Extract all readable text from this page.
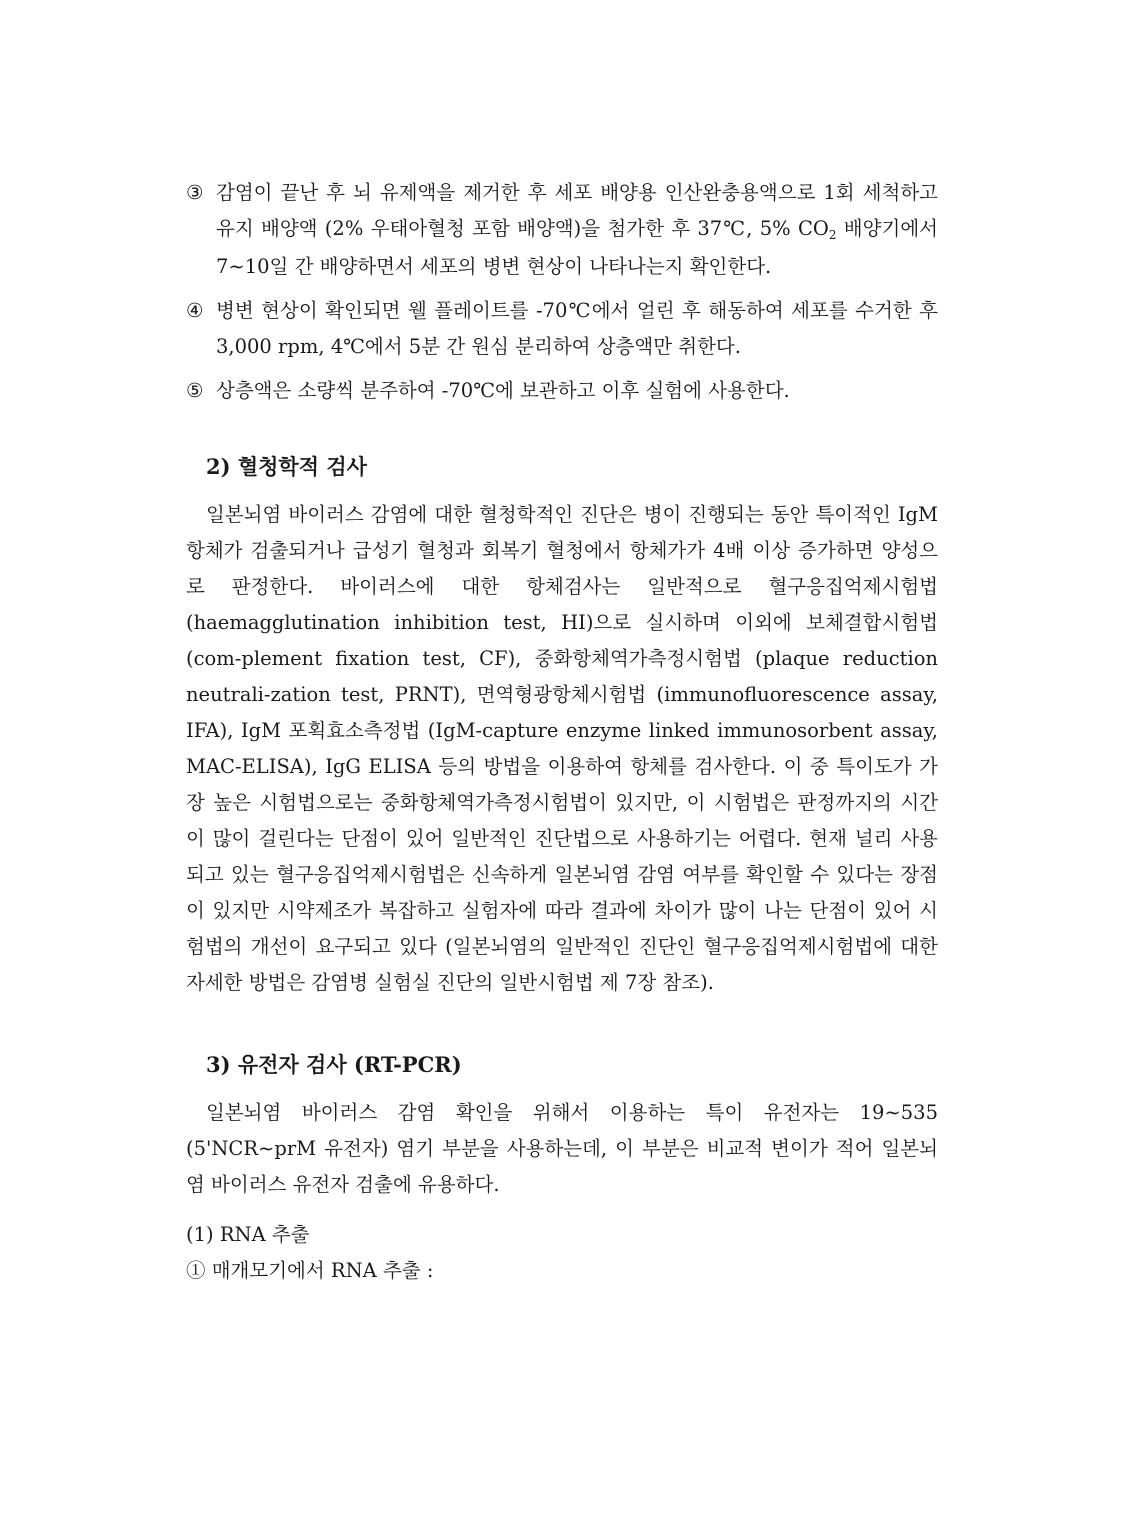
③ 감염이 끝난 후 뇌 유제액을 제거한 후 세포 배양용 인산완충용액으로 1회 세척하고 유지 배양액 (2% 우태아혈청 포함 배양액)을 첨가한 후 37℃, 5% $CO_2$ 배양기에서 7∼10일 간 배양하면서 세포의 병변 현상이 나타나는지 확인한다.
④ 병변 현상이 확인되면 웰 플레이트를 -70℃에서 얼린 후 해동하여 세포를 수거한 후 3,000 rpm, 4℃에서 5분 간 원심 분리하여 상층액만 취한다.
⑤ 상층액은 소량씩 분주하여 -70℃에 보관하고 이후 실험에 사용한다.
2) 혈청학적 검사

일본뇌염 바이러스 감염에 대한 혈청학적인 진단은 병이 진행되는 동안 특이적인 IgM 항체가 검출되거나 급성기 혈청과 회복기 혈청에서 항체가가 4배 이상 증가하면 양성으로 판정한다. 바이러스에 대한 항체검사는 일반적으로 혈구응집억제시험법 (haemagglutination inhibition test, HI)으로 실시하며 이외에 보체결합시험법 (com-plement fixation test, CF), 중화항체역가측정시험법 (plaque reduction neutrali-zation test, PRNT), 면역형광항체시험법 (immunofluorescence assay, IFA), IgM 포획효소측정법 (IgM-capture enzyme linked immunosorbent assay, MAC-ELISA), IgG ELISA 등의 방법을 이용하여 항체를 검사한다. 이 중 특이도가 가장 높은 시험법으로는 중화항체역가측정시험법이 있지만, 이 시험법은 판정까지의 시간이 많이 걸린다는 단점이 있어 일반적인 진단법으로 사용하기는 어렵다. 현재 널리 사용되고 있는 혈구응집억제시험법은 신속하게 일본뇌염 감염 여부를 확인할 수 있다는 장점이 있지만 시약제조가 복잡하고 실험자에 따라 결과에 차이가 많이 나는 단점이 있어 시험법의 개선이 요구되고 있다 (일본뇌염의 일반적인 진단인 혈구응집억제시험법에 대한 자세한 방법은 감염병 실험실 진단의 일반시험법 제 7장 참조).

3) 유전자 검사 (RT-PCR)

일본뇌염 바이러스 감염 확인을 위해서 이용하는 특이 유전자는 19∼535 (5'NCR∼prM 유전자) 염기 부분을 사용하는데, 이 부분은 비교적 변이가 적어 일본뇌염 바이러스 유전자 검출에 유용하다.

(1) RNA 추출
① 매개모기에서 RNA 추출 :
